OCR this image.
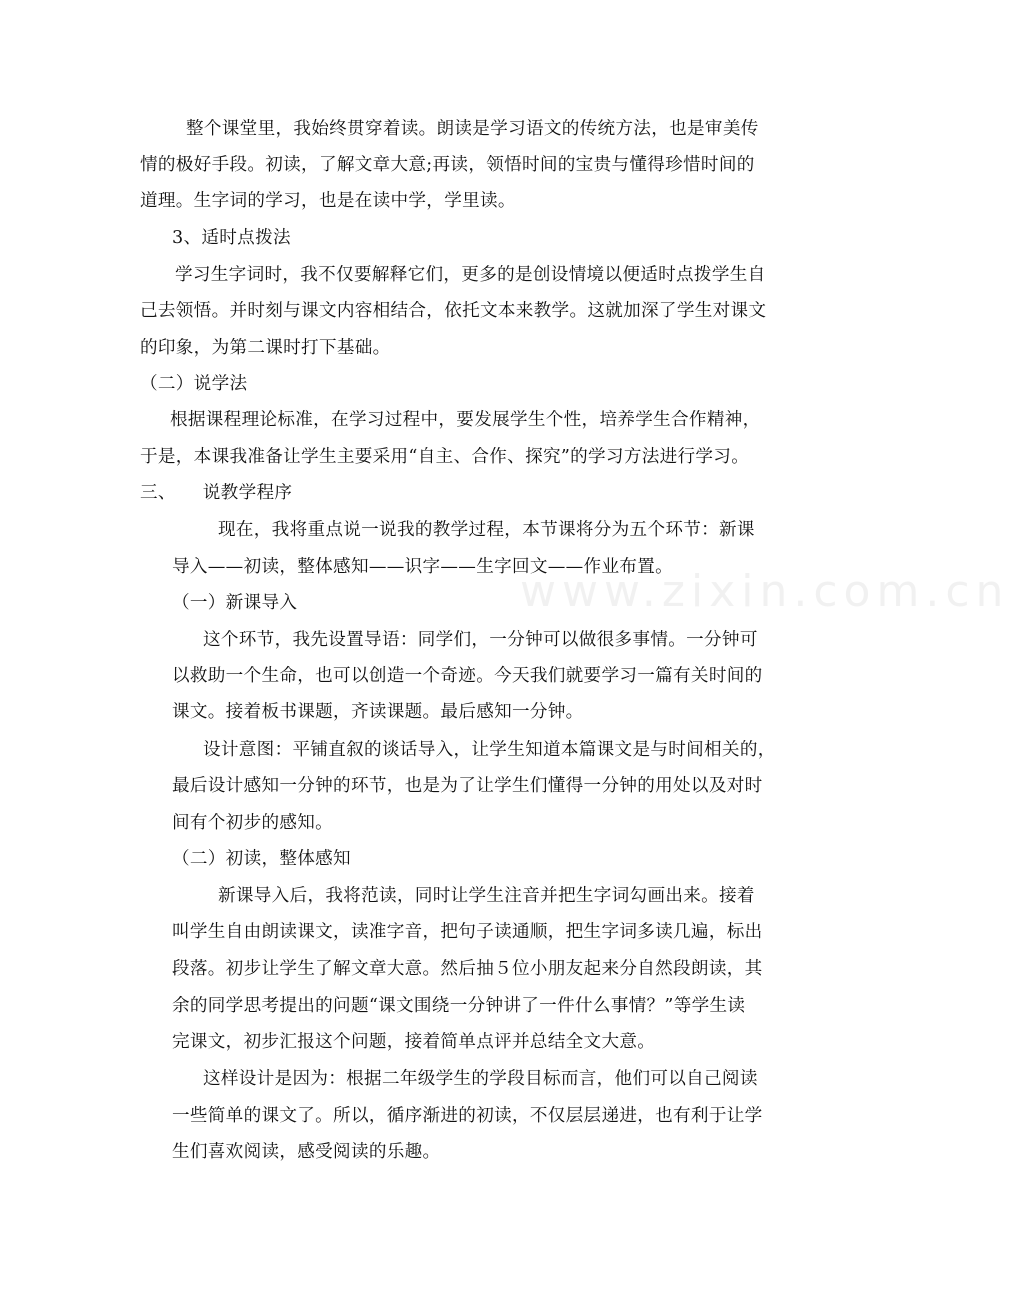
www.zixin.com.cn

整个课堂里，我始终贯穿着读。朗读是学习语文的传统方法，也是审美传

情的极好手段。初读，了解文章大意;再读，领悟时间的宝贵与懂得珍惜时间的

道理。生字词的学习，也是在读中学，学里读。

3、适时点拨法

学习生字词时，我不仅要解释它们，更多的是创设情境以便适时点拨学生自

己去领悟。并时刻与课文内容相结合，依托文本来教学。这就加深了学生对课文

的印象，为第二课时打下基础。

（二）说学法

根据课程理论标准，在学习过程中，要发展学生个性，培养学生合作精神，

于是，本课我准备让学生主要采用“自主、合作、探究”的学习方法进行学习。

三、　　说教学程序

现在，我将重点说一说我的教学过程，本节课将分为五个环节：新课

导入——初读，整体感知——识字——生字回文——作业布置。

（一）新课导入

这个环节，我先设置导语：同学们，一分钟可以做很多事情。一分钟可

以救助一个生命，也可以创造一个奇迹。今天我们就要学习一篇有关时间的

课文。接着板书课题，齐读课题。最后感知一分钟。

设计意图：平铺直叙的谈话导入，让学生知道本篇课文是与时间相关的，

最后设计感知一分钟的环节，也是为了让学生们懂得一分钟的用处以及对时

间有个初步的感知。

（二）初读，整体感知

新课导入后，我将范读，同时让学生注音并把生字词勾画出来。接着

叫学生自由朗读课文，读准字音，把句子读通顺，把生字词多读几遍，标出

段落。初步让学生了解文章大意。然后抽５位小朋友起来分自然段朗读，其

余的同学思考提出的问题“课文围绕一分钟讲了一件什么事情？”等学生读

完课文，初步汇报这个问题，接着简单点评并总结全文大意。

这样设计是因为：根据二年级学生的学段目标而言，他们可以自己阅读

一些简单的课文了。所以，循序渐进的初读，不仅层层递进，也有利于让学

生们喜欢阅读，感受阅读的乐趣。
